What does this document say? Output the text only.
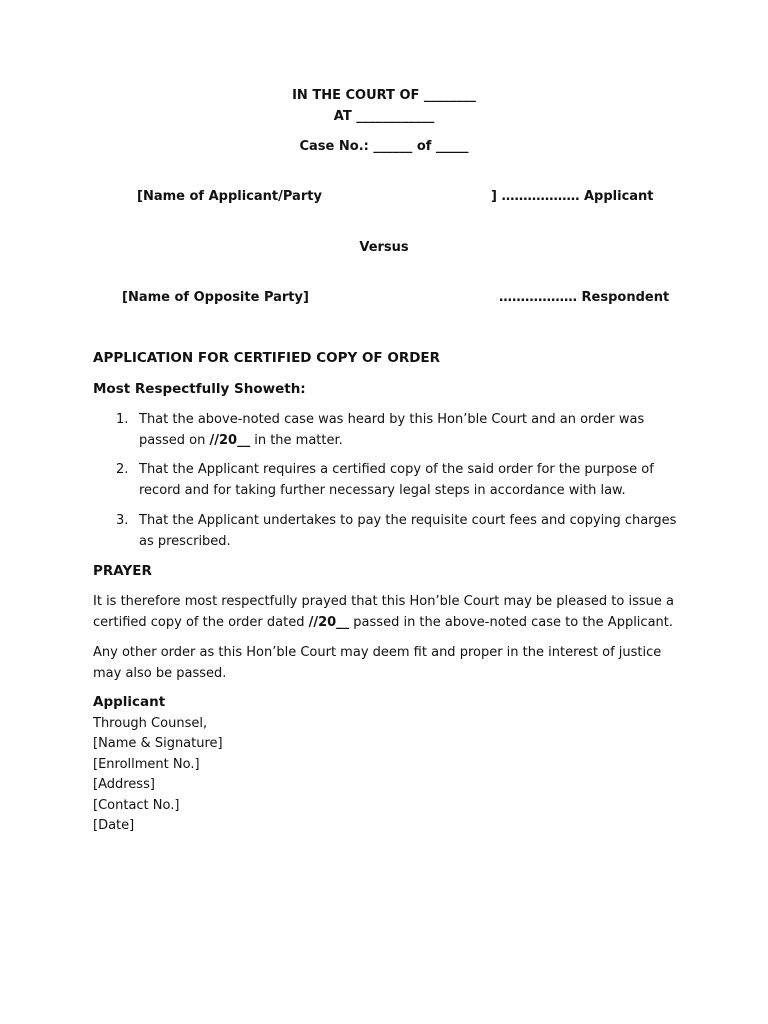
IN THE COURT OF ________
AT ____________
Case No.: ______ of _____
[Name of Applicant/Party	] ……………… Applicant
Versus
[Name of Opposite Party]	……………… Respondent
APPLICATION FOR CERTIFIED COPY OF ORDER
Most Respectfully Showeth:
1. That the above-noted case was heard by this Hon’ble Court and an order was passed on //20__ in the matter.
2. That the Applicant requires a certified copy of the said order for the purpose of record and for taking further necessary legal steps in accordance with law.
3. That the Applicant undertakes to pay the requisite court fees and copying charges as prescribed.
PRAYER
It is therefore most respectfully prayed that this Hon’ble Court may be pleased to issue a certified copy of the order dated //20__ passed in the above-noted case to the Applicant.
Any other order as this Hon’ble Court may deem fit and proper in the interest of justice may also be passed.
Applicant
Through Counsel,
[Name & Signature]
[Enrollment No.]
[Address]
[Contact No.]
[Date]
